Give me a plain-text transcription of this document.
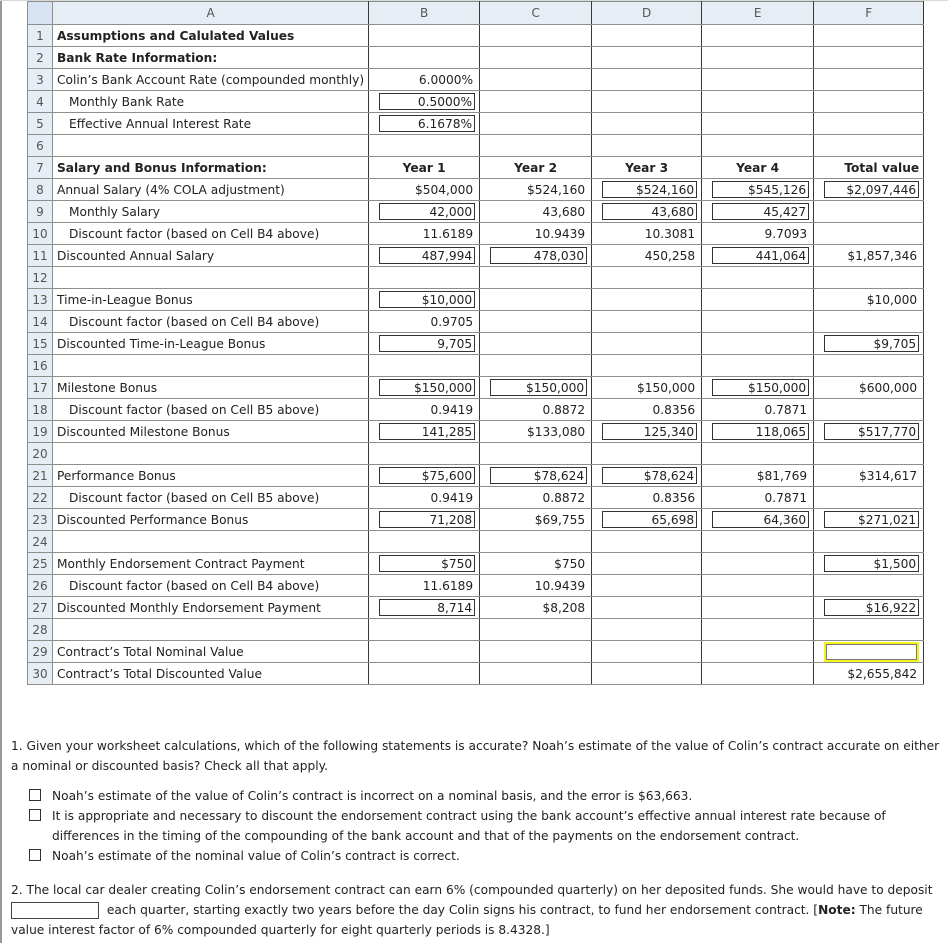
	A	B	C	D	E	F
1	Assumptions and Calulated Values	

2	Bank Rate Information:	

3	Colin’s Bank Account Rate (compounded monthly)	6.0000%				

4	Monthly Bank Rate	0.5000%				

5	Effective Annual Interest Rate	6.1678%				

6		

7	Salary and Bonus Information:	Year 1	Year 2	Year 3	Year 4	Total value

8	Annual Salary (4% COLA adjustment)	$504,000	$524,160	$524,160	$545,126	$2,097,446

9	Monthly Salary	42,000	43,680	43,680	45,427	

10	Discount factor (based on Cell B4 above)	11.6189	10.9439	10.3081	9.7093	

11	Discounted Annual Salary	487,994	478,030	450,258	441,064	$1,857,346

12		

13	Time-in-League Bonus	$10,000				$10,000

14	Discount factor (based on Cell B4 above)	0.9705				

15	Discounted Time-in-League Bonus	9,705				$9,705

16		

17	Milestone Bonus	$150,000	$150,000	$150,000	$150,000	$600,000

18	Discount factor (based on Cell B5 above)	0.9419	0.8872	0.8356	0.7871	

19	Discounted Milestone Bonus	141,285	$133,080	125,340	118,065	$517,770

20		

21	Performance Bonus	$75,600	$78,624	$78,624	$81,769	$314,617

22	Discount factor (based on Cell B5 above)	0.9419	0.8872	0.8356	0.7871	

23	Discounted Performance Bonus	71,208	$69,755	65,698	64,360	$271,021

24		

25	Monthly Endorsement Contract Payment	$750	$750			$1,500

26	Discount factor (based on Cell B4 above)	11.6189	10.9439			

27	Discounted Monthly Endorsement Payment	8,714	$8,208			$16,922

28		

29	Contract’s Total Nominal Value	

30	Contract’s Total Discounted Value					$2,655,842
1. Given your worksheet calculations, which of the following statements is accurate? Noah’s estimate of the value of Colin’s contract accurate on either a nominal or discounted basis? Check all that apply.
Noah’s estimate of the value of Colin’s contract is incorrect on a nominal basis, and the error is $63,663.
It is appropriate and necessary to discount the endorsement contract using the bank account’s effective annual interest rate because of differences in the timing of the compounding of the bank account and that of the payments on the endorsement contract.
Noah’s estimate of the nominal value of Colin’s contract is correct.
2. The local car dealer creating Colin’s endorsement contract can earn 6% (compounded quarterly) on her deposited funds. She would have to deposit
each quarter, starting exactly two years before the day Colin signs his contract, to fund her endorsement contract. [Note: The future value interest factor of 6% compounded quarterly for eight quarterly periods is 8.4328.]
